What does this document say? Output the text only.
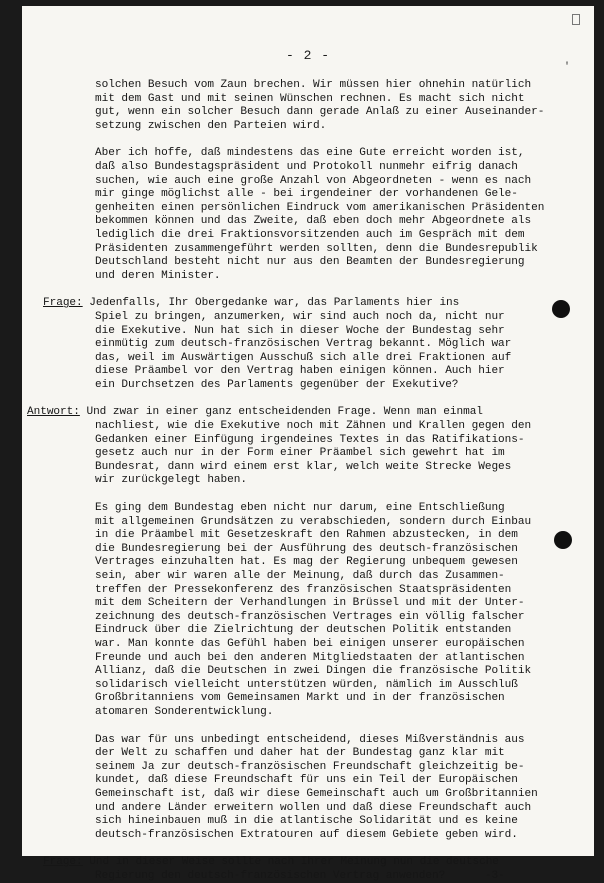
- 2 -
'
solchen Besuch vom Zaun brechen. Wir müssen hier ohnehin natürlich
mit dem Gast und mit seinen Wünschen rechnen. Es macht sich nicht
gut, wenn ein solcher Besuch dann gerade Anlaß zu einer Auseinander-
setzung zwischen den Parteien wird.
Aber ich hoffe, daß mindestens das eine Gute erreicht worden ist,
daß also Bundestagspräsident und Protokoll nunmehr eifrig danach
suchen, wie auch eine große Anzahl von Abgeordneten - wenn es nach
mir ginge möglichst alle - bei irgendeiner der vorhandenen Gele-
genheiten einen persönlichen Eindruck vom amerikanischen Präsidenten
bekommen können und das Zweite, daß eben doch mehr Abgeordnete als
lediglich die drei Fraktionsvorsitzenden auch im Gespräch mit dem
Präsidenten zusammengeführt werden sollten, denn die Bundesrepublik
Deutschland besteht nicht nur aus den Beamten der Bundesregierung
und deren Minister.
Frage: Jedenfalls, Ihr Obergedanke war, das Parlaments hier ins
Spiel zu bringen, anzumerken, wir sind auch noch da, nicht nur
die Exekutive. Nun hat sich in dieser Woche der Bundestag sehr
einmütig zum deutsch-französischen Vertrag bekannt. Möglich war
das, weil im Auswärtigen Ausschuß sich alle drei Fraktionen auf
diese Präambel vor den Vertrag haben einigen können. Auch hier
ein Durchsetzen des Parlaments gegenüber der Exekutive?
Antwort: Und zwar in einer ganz entscheidenden Frage. Wenn man einmal
nachliest, wie die Exekutive noch mit Zähnen und Krallen gegen den
Gedanken einer Einfügung irgendeines Textes in das Ratifikations-
gesetz auch nur in der Form einer Präambel sich gewehrt hat im
Bundesrat, dann wird einem erst klar, welch weite Strecke Weges
wir zurückgelegt haben.
Es ging dem Bundestag eben nicht nur darum, eine Entschließung
mit allgemeinen Grundsätzen zu verabschieden, sondern durch Einbau
in die Präambel mit Gesetzeskraft den Rahmen abzustecken, in dem
die Bundesregierung bei der Ausführung des deutsch-französischen
Vertrages einzuhalten hat. Es mag der Regierung unbequem gewesen
sein, aber wir waren alle der Meinung, daß durch das Zusammen-
treffen der Pressekonferenz des französischen Staatspräsidenten
mit dem Scheitern der Verhandlungen in Brüssel und mit der Unter-
zeichnung des deutsch-französischen Vertrages ein völlig falscher
Eindruck über die Zielrichtung der deutschen Politik entstanden
war. Man konnte das Gefühl haben bei einigen unserer europäischen
Freunde und auch bei den anderen Mitgliedstaaten der atlantischen
Allianz, daß die Deutschen in zwei Dingen die französische Politik
solidarisch vielleicht unterstützen würden, nämlich im Ausschluß
Großbritanniens vom Gemeinsamen Markt und in der französischen
atomaren Sonderentwicklung.
Das war für uns unbedingt entscheidend, dieses Mißverständnis aus
der Welt zu schaffen und daher hat der Bundestag ganz klar mit
seinem Ja zur deutsch-französischen Freundschaft gleichzeitig be-
kundet, daß diese Freundschaft für uns ein Teil der Europäischen
Gemeinschaft ist, daß wir diese Gemeinschaft auch um Großbritannien
und andere Länder erweitern wollen und daß diese Freundschaft auch
sich hineinbauen muß in die atlantische Solidarität und es keine
deutsch-französischen Extratouren auf diesem Gebiete geben wird.
Frage: Und in dieser Weise sollte nach Ihrer Meinung nun die deutsche
Regierung den deutsch-französischen Vertrag anwenden?      -3-
